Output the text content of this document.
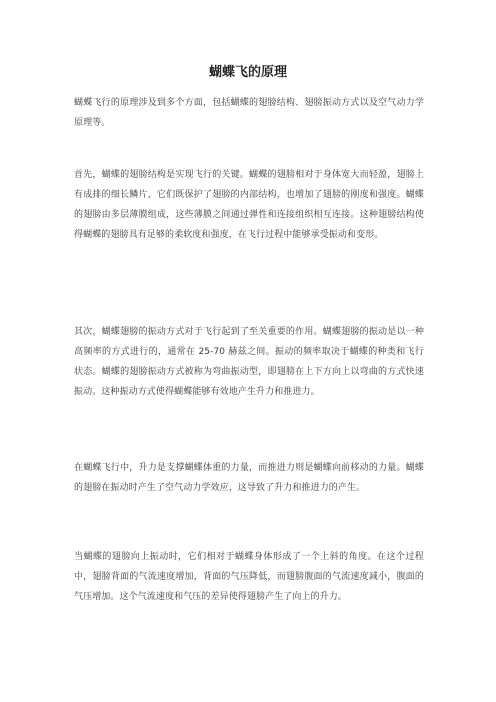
蝴蝶飞的原理

蝴蝶飞行的原理涉及到多个方面，包括蝴蝶的翅膀结构、翅膀振动方式以及空气动力学原理等。

首先，蝴蝶的翅膀结构是实现飞行的关键。蝴蝶的翅膀相对于身体宽大而轻盈，翅膀上有成排的细长鳞片，它们既保护了翅膀的内部结构，也增加了翅膀的刚度和强度。蝴蝶的翅膀由多层薄膜组成，这些薄膜之间通过弹性和连接组织相互连接。这种翅膀结构使得蝴蝶的翅膀具有足够的柔软度和强度，在飞行过程中能够承受振动和变形。

其次，蝴蝶翅膀的振动方式对于飞行起到了至关重要的作用。蝴蝶翅膀的振动是以一种高频率的方式进行的，通常在 25-70 赫兹之间。振动的频率取决于蝴蝶的种类和飞行状态。蝴蝶的翅膀振动方式被称为弯曲振动型，即翅膀在上下方向上以弯曲的方式快速振动。这种振动方式使得蝴蝶能够有效地产生升力和推进力。

在蝴蝶飞行中，升力是支撑蝴蝶体重的力量，而推进力则是蝴蝶向前移动的力量。蝴蝶的翅膀在振动时产生了空气动力学效应，这导致了升力和推进力的产生。

当蝴蝶的翅膀向上振动时，它们相对于蝴蝶身体形成了一个上斜的角度。在这个过程中，翅膀背面的气流速度增加，背面的气压降低，而翅膀腹面的气流速度减小，腹面的气压增加。这个气流速度和气压的差异使得翅膀产生了向上的升力。
